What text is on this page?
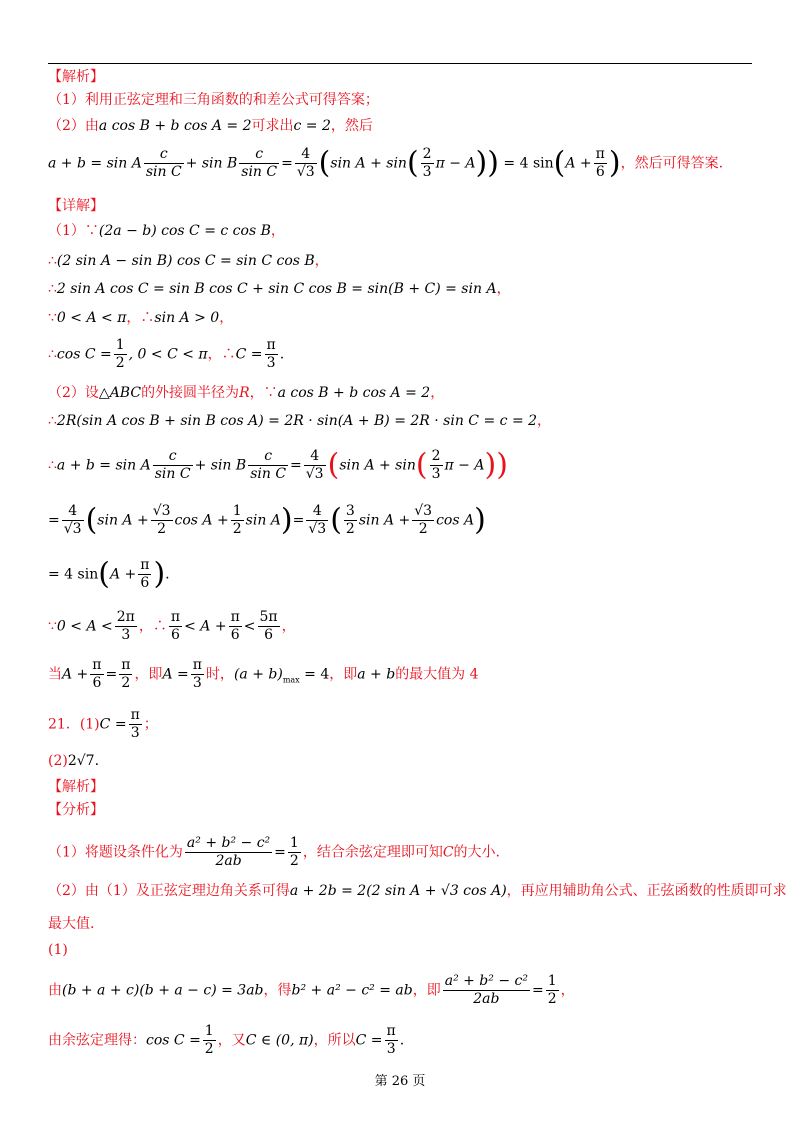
【解析】
（1）利用正弦定理和三角函数的和差公式可得答案；
（2）由a cos B + b cos A = 2可求出c = 2，然后
a + b = sin A $\frac{c}{\text{sin C}} + \sin B \frac{c}{\text{sin C}} = \frac{4}{√3} (\sin$ $A + \sin( \frac{2}{3}$ π − A)) = 4 $\sin(A + \frac{\pi}{6}$ )，然后可得答案.
【详解】
（1）∵(2a − b) cos C = c cos B，
∴(2 sin A − sin B) cos C = sin C cos B，
∴2 sin A cos C = sin B cos C + sin C cos B = sin(B + C) = sin A，
∵0 < A < π，∴sin A > 0，
∴cos $C = \frac{1}{2}$ , 0 < C < π，∴C = $\frac{\pi}{3}$ .
（2）设△ABC的外接圆半径为R，∵a cos B + b cos A = 2，
∴2R(sin A cos B + sin B cos A) = 2R · sin(A + B) = 2R · sin C = c = 2，
∴a + b = sin A $\frac{c}{\text{sin C}} + \sin B \frac{c}{\text{sin C}} = \frac{4}{√3} (\sin$ $A + \sin( \frac{2}{3}$ π − A))
= $\frac{4}{√3} (\sin$ $A + \frac{√3}{2}$ $\cos A + \frac{1}{2}$ $\sin A)= \frac{4}{√3}$ ( $\frac{3}{2}$ $\sin A + \frac{√3}{2}$ cos A)
= 4 $\sin(A + \frac{\pi}{6}$ ).
∵0 < $A < \frac{2\pi}{3}$ ，∴ $\frac{\pi}{6} < A + \frac{\pi}{6} < \frac{5\pi}{6}$ ，
当$A + \frac{\pi}{6} = \frac{\pi}{2}$ ，即$A = \frac{\pi}{3}$ 时，$(a + b)_{max} = 4$，即a + b的最大值为 4
21．$(1)C = \frac{\pi}{3}$ ；
(2)2√7.
【解析】
【分析】
（1）将题设条件化为 $\frac{\text{a² + b² − c²}}{2ab} = \frac{1}{2}$ ，结合余弦定理即可知C的大小.
（2）由（1）及正弦定理边角关系可得a + 2b = 2(2 sin A + √3 cos A)，再应用辅助角公式、正弦函数的性质即可求
最大值.
(1)
由(b + a + c)(b + a − c) = 3ab，得b² + a² − c² = ab，即 $\frac{\text{a² + b² − c²}}{2ab} = \frac{1}{2}$ ，
由余弦定理得：$\cos C = \frac{1}{2}$ ，又C ∈ (0, π)，所以$C = \frac{\pi}{3}$ .
第 26 页
